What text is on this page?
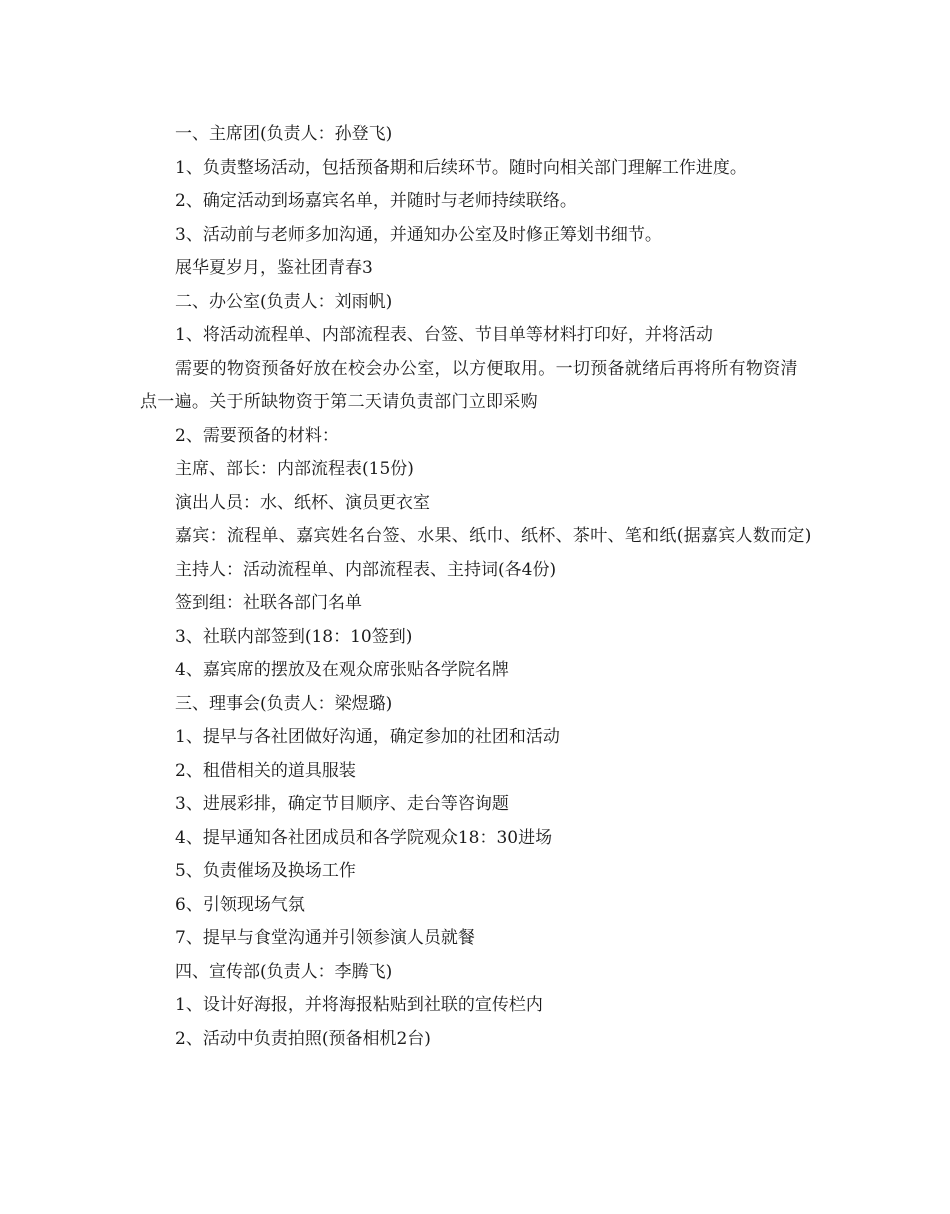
一、主席团(负责人：孙登飞)

1、负责整场活动，包括预备期和后续环节。随时向相关部门理解工作进度。

2、确定活动到场嘉宾名单，并随时与老师持续联络。

3、活动前与老师多加沟通，并通知办公室及时修正筹划书细节。

展华夏岁月，鉴社团青春3

二、办公室(负责人：刘雨帆)

1、将活动流程单、内部流程表、台签、节目单等材料打印好，并将活动

需要的物资预备好放在校会办公室，以方便取用。一切预备就绪后再将所有物资清点一遍。关于所缺物资于第二天请负责部门立即采购

2、需要预备的材料：

主席、部长：内部流程表(15份)

演出人员：水、纸杯、演员更衣室

嘉宾：流程单、嘉宾姓名台签、水果、纸巾、纸杯、茶叶、笔和纸(据嘉宾人数而定)

主持人：活动流程单、内部流程表、主持词(各4份)

签到组：社联各部门名单

3、社联内部签到(18：10签到)

4、嘉宾席的摆放及在观众席张贴各学院名牌

三、理事会(负责人：梁煜璐)

1、提早与各社团做好沟通，确定参加的社团和活动

2、租借相关的道具服装

3、进展彩排，确定节目顺序、走台等咨询题

4、提早通知各社团成员和各学院观众18：30进场

5、负责催场及换场工作

6、引领现场气氛

7、提早与食堂沟通并引领参演人员就餐

四、宣传部(负责人：李腾飞)

1、设计好海报，并将海报粘贴到社联的宣传栏内

2、活动中负责拍照(预备相机2台)
